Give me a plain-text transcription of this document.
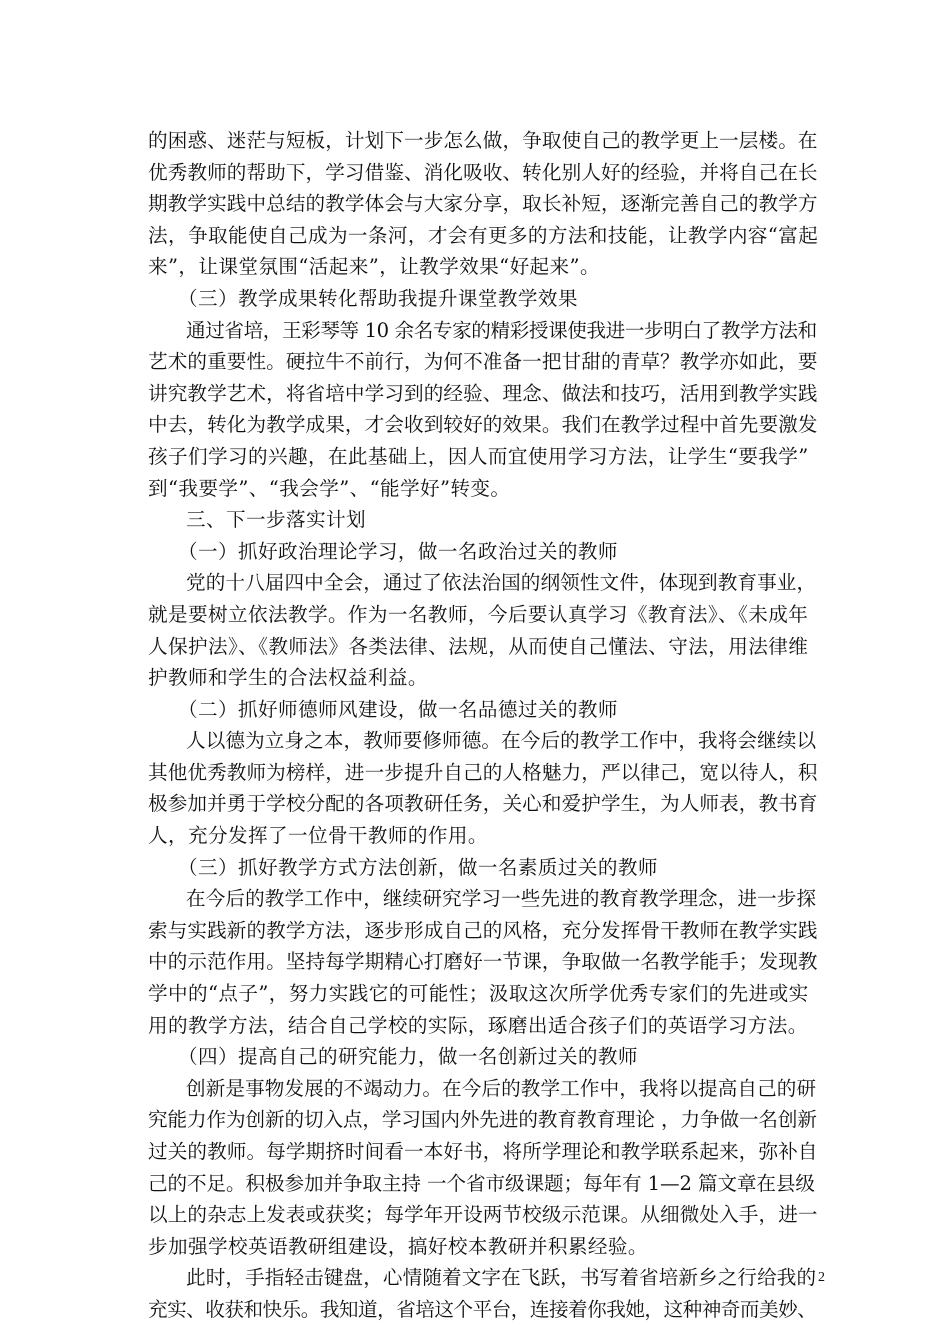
的困惑、迷茫与短板，计划下一步怎么做，争取使自己的教学更上一层楼。在
优秀教师的帮助下，学习借鉴、消化吸收、转化别人好的经验，并将自己在长
期教学实践中总结的教学体会与大家分享，取长补短，逐渐完善自己的教学方
法，争取能使自己成为一条河，才会有更多的方法和技能，让教学内容“富起
来”，让课堂氛围“活起来”，让教学效果“好起来”。
（三）教学成果转化帮助我提升课堂教学效果
通过省培，王彩琴等 10 余名专家的精彩授课使我进一步明白了教学方法和
艺术的重要性。硬拉牛不前行，为何不准备一把甘甜的青草？教学亦如此，要
讲究教学艺术，将省培中学习到的经验、理念、做法和技巧，活用到教学实践
中去，转化为教学成果，才会收到较好的效果。我们在教学过程中首先要激发
孩子们学习的兴趣，在此基础上，因人而宜使用学习方法，让学生“要我学”
到“我要学”、“我会学”、“能学好”转变。
三、下一步落实计划
（一）抓好政治理论学习，做一名政治过关的教师
党的十八届四中全会，通过了依法治国的纲领性文件，体现到教育事业，
就是要树立依法教学。作为一名教师，今后要认真学习《教育法》、《未成年
人保护法》、《教师法》各类法律、法规，从而使自己懂法、守法，用法律维
护教师和学生的合法权益利益。
（二）抓好师德师风建设，做一名品德过关的教师
人以德为立身之本，教师要修师德。在今后的教学工作中，我将会继续以
其他优秀教师为榜样，进一步提升自己的人格魅力，严以律己，宽以待人，积
极参加并勇于学校分配的各项教研任务，关心和爱护学生，为人师表，教书育
人，充分发挥了一位骨干教师的作用。
（三）抓好教学方式方法创新，做一名素质过关的教师
在今后的教学工作中，继续研究学习一些先进的教育教学理念，进一步探
索与实践新的教学方法，逐步形成自己的风格，充分发挥骨干教师在教学实践
中的示范作用。坚持每学期精心打磨好一节课，争取做一名教学能手；发现教
学中的“点子”，努力实践它的可能性；汲取这次所学优秀专家们的先进或实
用的教学方法，结合自己学校的实际，琢磨出适合孩子们的英语学习方法。
（四）提高自己的研究能力，做一名创新过关的教师
创新是事物发展的不竭动力。在今后的教学工作中，我将以提高自己的研
究能力作为创新的切入点，学习国内外先进的教育教育理论 ，力争做一名创新
过关的教师。每学期挤时间看一本好书，将所学理论和教学联系起来，弥补自
己的不足。积极参加并争取主持 一个省市级课题；每年有 1—2 篇文章在县级
以上的杂志上发表或获奖；每学年开设两节校级示范课。从细微处入手，进一
步加强学校英语教研组建设，搞好校本教研并积累经验。
此时，手指轻击键盘，心情随着文字在飞跃，书写着省培新乡之行给我的
充实、收获和快乐。我知道，省培这个平台，连接着你我她，这种神奇而美妙、
2
